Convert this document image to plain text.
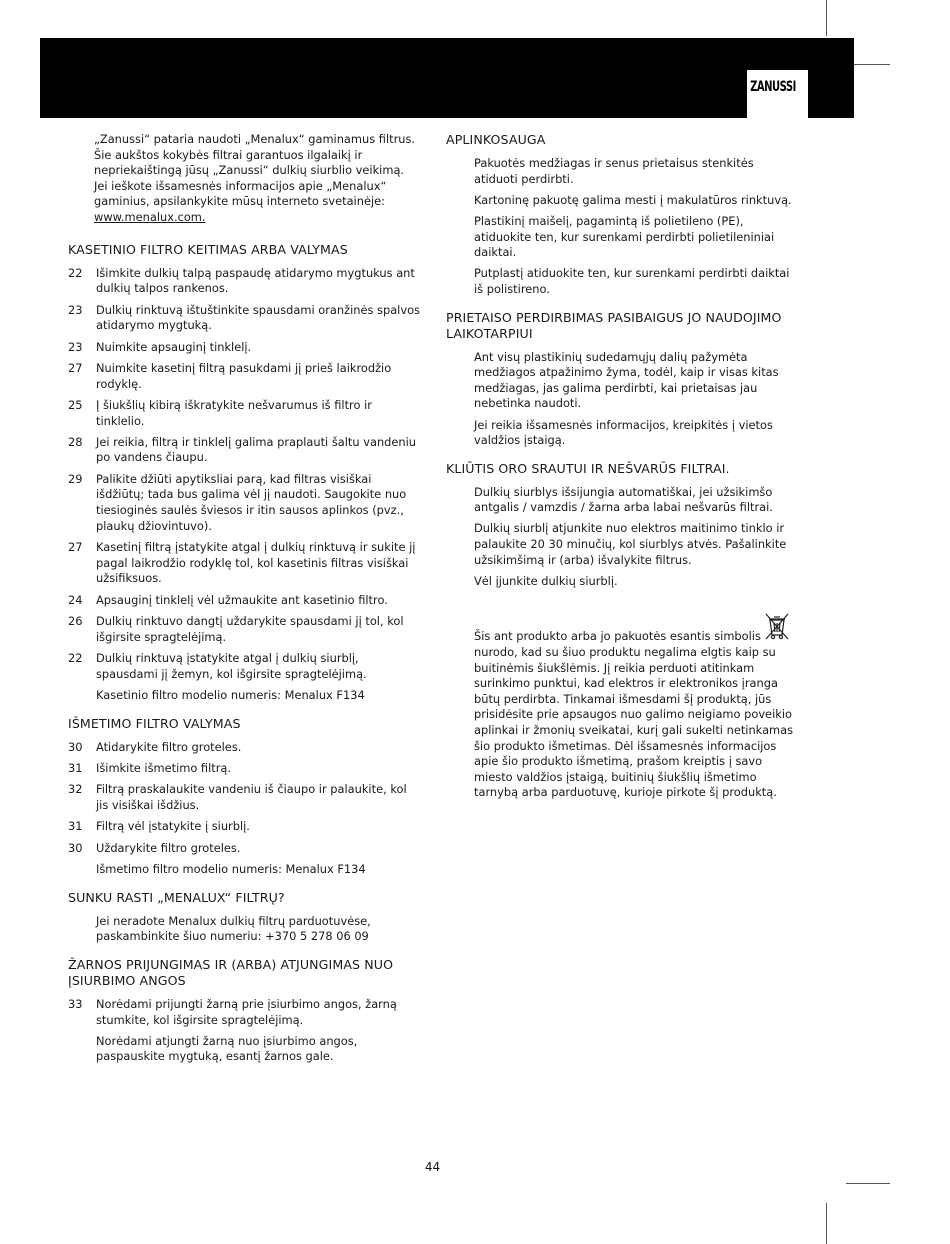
ZANUSSI
„Zanussi“ pataria naudoti „Menalux“ gaminamus filtrus. Šie aukštos kokybės filtrai garantuos ilgalaikį ir nepriekaištingą jūsų „Zanussi“ dulkių siurblio veikimą. Jei ieškote išsamesnės informacijos apie „Menalux“ gaminius, apsilankykite mūsų interneto svetainėje: www.menalux.com.
KASETINIO FILTRO KEITIMAS ARBA VALYMAS
22	Išimkite dulkių talpą paspaudę atidarymo mygtukus ant dulkių talpos rankenos.
23	Dulkių rinktuvą ištuštinkite spausdami oranžinės spalvos atidarymo mygtuką.
23	Nuimkite apsauginį tinklelį.
27	Nuimkite kasetinį filtrą pasukdami jį prieš laikrodžio rodyklę.
25	Į šiukšlių kibirą iškratykite nešvarumus iš filtro ir tinklelio.
28	Jei reikia, filtrą ir tinklelį galima praplauti šaltu vandeniu po vandens čiaupu.
29	Palikite džiūti apytiksliai parą, kad filtras visiškai išdžiūtų; tada bus galima vėl jį naudoti. Saugokite nuo tiesioginės saulės šviesos ir itin sausos aplinkos (pvz., plaukų džiovintuvo).
27	Kasetinį filtrą įstatykite atgal į dulkių rinktuvą ir sukite jį pagal laikrodžio rodyklę tol, kol kasetinis filtras visiškai užsifiksuos.
24	Apsauginį tinklelį vėl užmaukite ant kasetinio filtro.
26	Dulkių rinktuvo dangtį uždarykite spausdami jį tol, kol išgirsite spragtelėjimą.
22	Dulkių rinktuvą įstatykite atgal į dulkių siurblį, spausdami jį žemyn, kol išgirsite spragtelėjimą.
Kasetinio filtro modelio numeris: Menalux F134
IŠMETIMO FILTRO VALYMAS
30	Atidarykite filtro groteles.
31	Išimkite išmetimo filtrą.
32	Filtrą praskalaukite vandeniu iš čiaupo ir palaukite, kol jis visiškai išdžius.
31	Filtrą vėl įstatykite į siurblį.
30	Uždarykite filtro groteles.
Išmetimo filtro modelio numeris: Menalux F134
SUNKU RASTI „MENALUX“ FILTRŲ?
Jei neradote Menalux dulkių filtrų parduotuvėse, paskambinkite šiuo numeriu: +370 5 278 06 09
ŽARNOS PRIJUNGIMAS IR (ARBA) ATJUNGIMAS NUO ĮSIURBIMO ANGOS
33	Norėdami prijungti žarną prie įsiurbimo angos, žarną stumkite, kol išgirsite spragtelėjimą.
Norėdami atjungti žarną nuo įsiurbimo angos, paspauskite mygtuką, esantį žarnos gale.
APLINKOSAUGA
Pakuotės medžiagas ir senus prietaisus stenkitės atiduoti perdirbti.
Kartoninę pakuotę galima mesti į makulatūros rinktuvą.
Plastikinį maišelį, pagamintą iš polietileno (PE), atiduokite ten, kur surenkami perdirbti polietileniniai daiktai.
Putplastį atiduokite ten, kur surenkami perdirbti daiktai iš polistireno.
PRIETAISO PERDIRBIMAS PASIBAIGUS JO NAUDOJIMO LAIKOTARPIUI
Ant visų plastikinių sudedamųjų dalių pažymėta medžiagos atpažinimo žyma, todėl, kaip ir visas kitas medžiagas, jas galima perdirbti, kai prietaisas jau nebetinka naudoti.
Jei reikia išsamesnės informacijos, kreipkitės į vietos valdžios įstaigą.
KLIŪTIS ORO SRAUTUI IR NEŠVARŪS FILTRAI.
Dulkių siurblys išsijungia automatiškai, jei užsikimšo antgalis / vamzdis / žarna arba labai nešvarūs filtrai.
Dulkių siurblį atjunkite nuo elektros maitinimo tinklo ir palaukite 20 30 minučių, kol siurblys atvės. Pašalinkite užsikimšimą ir (arba) išvalykite filtrus.
Vėl įjunkite dulkių siurblį.
Šis ant produkto arba jo pakuotės esantis simbolis nurodo, kad su šiuo produktu negalima elgtis kaip su buitinėmis šiukšlėmis. Jį reikia perduoti atitinkam surinkimo punktui, kad elektros ir elektronikos įranga būtų perdirbta. Tinkamai išmesdami šį produktą, jūs prisidėsite prie apsaugos nuo galimo neigiamo poveikio aplinkai ir žmonių sveikatai, kurį gali sukelti netinkamas šio produkto išmetimas. Dėl išsamesnės informacijos apie šio produkto išmetimą, prašom kreiptis į savo miesto valdžios įstaigą, buitinių šiukšlių išmetimo tarnybą arba parduotuvę, kurioje pirkote šį produktą.
44
